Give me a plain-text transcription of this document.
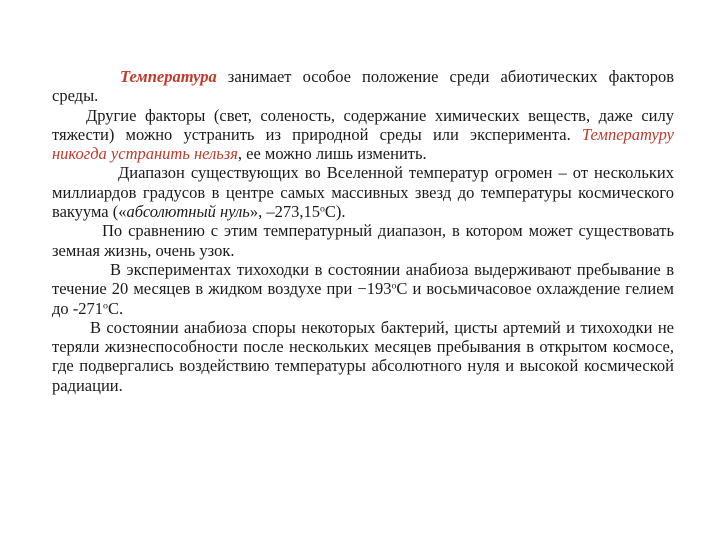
Температура занимает особое положение среди абиотических факторов среды.

Другие факторы (свет, соленость, содержание химических веществ, даже силу тяжести) можно устранить из природной среды или эксперимента. Температуру никогда устранить нельзя, ее можно лишь изменить.

Диапазон существующих во Вселенной температур огромен – от нескольких миллиардов градусов в центре самых массивных звезд до температуры космического вакуума («абсолютный нуль», $-273,15^оС$).

По сравнению с этим температурный диапазон, в котором может существовать земная жизнь, очень узок.

В экспериментах тихоходки в состоянии анабиоза выдерживают пребывание в течение 20 месяцев в жидком воздухе при $-193^оС$ и восьмичасовое охлаждение гелием до $-271^оС$.

В состоянии анабиоза споры некоторых бактерий, цисты артемий и тихоходки не теряли жизнеспособности после нескольких месяцев пребывания в открытом космосе, где подвергались воздействию температуры абсолютного нуля и высокой космической радиации.
